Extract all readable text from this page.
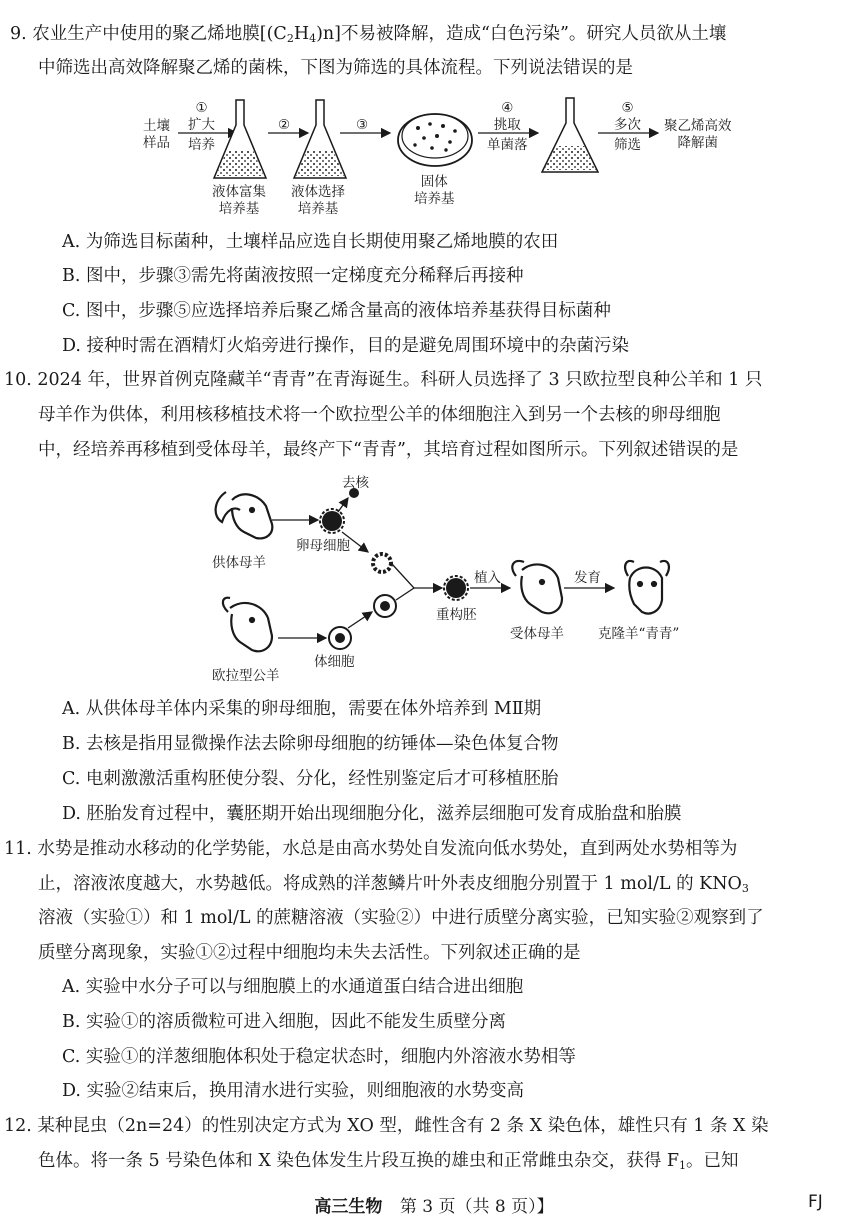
9. 农业生产中使用的聚乙烯地膜$[(C_2H_4)n]$不易被降解，造成“白色污染”。研究人员欲从土壤
中筛选出高效降解聚乙烯的菌株，下图为筛选的具体流程。下列说法错误的是
土壤
样品
①
扩大
培养
液体富集
培养基
②
液体选择
培养基
③
固体
培养基
④
挑取
单菌落
⑤
多次
筛选
聚乙烯高效
降解菌
A. 为筛选目标菌种，土壤样品应选自长期使用聚乙烯地膜的农田
B. 图中，步骤③需先将菌液按照一定梯度充分稀释后再接种
C. 图中，步骤⑤应选择培养后聚乙烯含量高的液体培养基获得目标菌种
D. 接种时需在酒精灯火焰旁进行操作，目的是避免周围环境中的杂菌污染
10. 2024 年，世界首例克隆藏羊“青青”在青海诞生。科研人员选择了 3 只欧拉型良种公羊和 1 只
母羊作为供体，利用核移植技术将一个欧拉型公羊的体细胞注入到另一个去核的卵母细胞
中，经培养再移植到受体母羊，最终产下“青青”，其培育过程如图所示。下列叙述错误的是
去核
供体母羊
卵母细胞
欧拉型公羊
体细胞
重构胚
植入
受体母羊
发育
克隆羊“青青”
A. 从供体母羊体内采集的卵母细胞，需要在体外培养到 MⅡ期
B. 去核是指用显微操作法去除卵母细胞的纺锤体—染色体复合物
C. 电刺激激活重构胚使分裂、分化，经性别鉴定后才可移植胚胎
D. 胚胎发育过程中，囊胚期开始出现细胞分化，滋养层细胞可发育成胎盘和胎膜
11. 水势是推动水移动的化学势能，水总是由高水势处自发流向低水势处，直到两处水势相等为
止，溶液浓度越大，水势越低。将成熟的洋葱鳞片叶外表皮细胞分别置于 1 mol/L 的 $KNO_3$
溶液（实验①）和 1 mol/L 的蔗糖溶液（实验②）中进行质壁分离实验，已知实验②观察到了
质壁分离现象，实验①②过程中细胞均未失去活性。下列叙述正确的是
A. 实验中水分子可以与细胞膜上的水通道蛋白结合进出细胞
B. 实验①的溶质微粒可进入细胞，因此不能发生质壁分离
C. 实验①的洋葱细胞体积处于稳定状态时，细胞内外溶液水势相等
D. 实验②结束后，换用清水进行实验，则细胞液的水势变高
12. 某种昆虫（2n=24）的性别决定方式为 XO 型，雌性含有 2 条 X 染色体，雄性只有 1 条 X 染
色体。将一条 5 号染色体和 X 染色体发生片段互换的雄虫和正常雌虫杂交，获得 $F_1$。已知
高三生物 第 3 页（共 8 页）】	FJ
